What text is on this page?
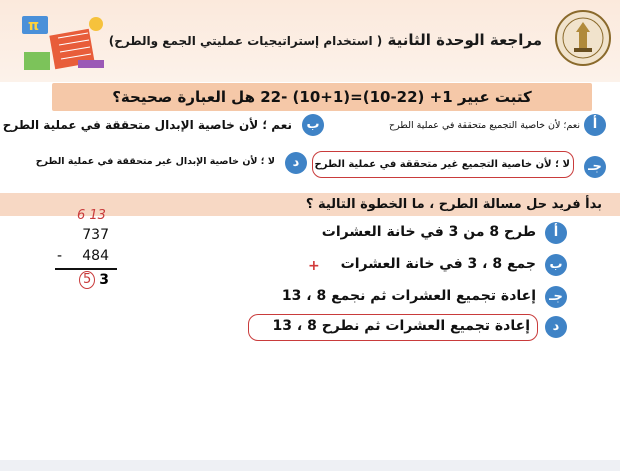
مراجعة الوحدة الثانية ( استخدام إستراتيجيات عمليتي الجمع والطرح)
π
كتبت عبير 1+ (22-10)=(1+10) -22 هل العبارة صحيحة؟
أ
نعم؛ لأن خاصية التجميع متحققة في عملية الطرح
ب
نعم ؛ لأن خاصية الإبدال متحققة في عملية الطرح
جـ
لا ؛ لأن خاصية التجميع غير متحققة في عملية الطرح
د
لا ؛ لأن خاصية الإبدال غير متحققة في عملية الطرح
بدأ فريد حل مسالة الطرح ، ما الخطوة التالية ؟
6 13
737
- 484
5 3
أ
طرح 8 من 3 في خانة العشرات
+	ب
جمع 8 ، 3 في خانة العشرات
جـ
إعادة تجميع العشرات ثم نجمع 8 ، 13
د
إعادة تجميع العشرات ثم نطرح 8 ، 13
